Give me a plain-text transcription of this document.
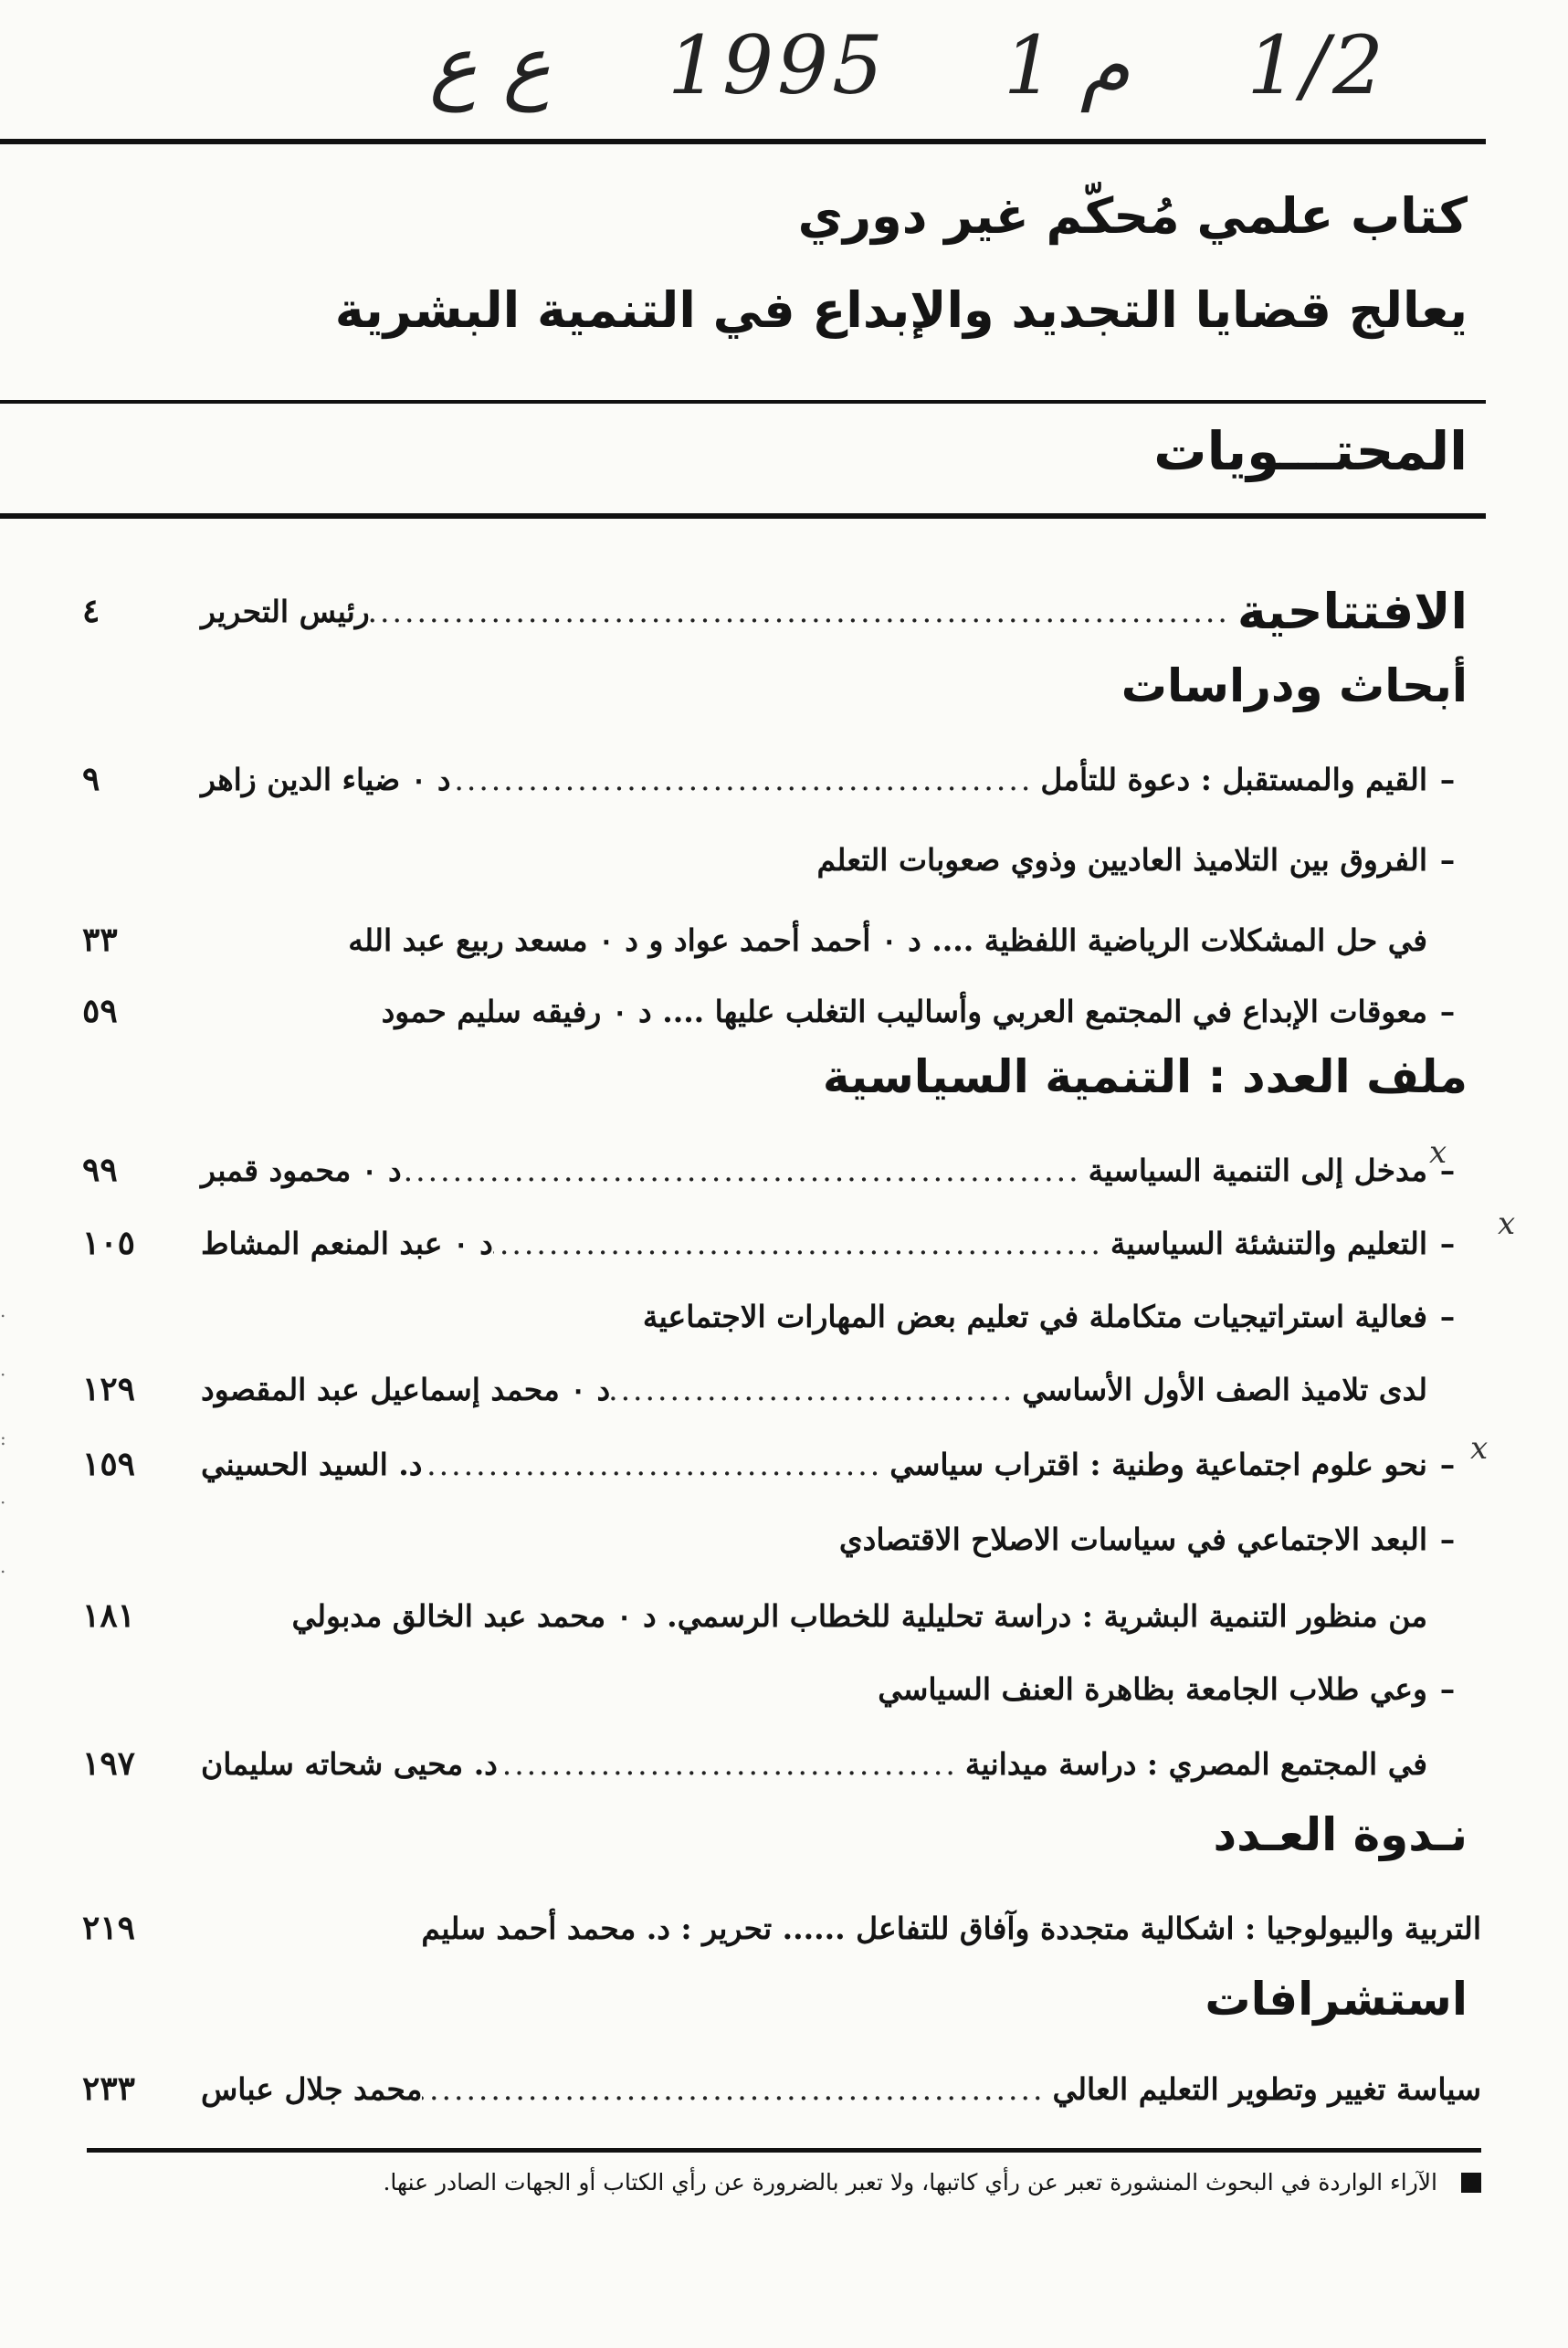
ع ع 1995 1 م 1/2
كتاب علمي مُحكّم غير دوري
يعالج قضايا التجديد والإبداع في التنمية البشرية
المحتـــويات
الافتتاحية
.....
رئيس التحرير
٤
أبحاث ودراسات
–
القيم والمستقبل : دعوة للتأمل
.....
د ٠ ضياء الدين زاهر
٩
–
الفروق بين التلاميذ العاديين وذوي صعوبات التعلم
في حل المشكلات الرياضية اللفظية .... د ٠ أحمد أحمد عواد و د ٠ مسعد ربيع عبد الله
٣٣
–
معوقات الإبداع في المجتمع العربي وأساليب التغلب عليها .... د ٠ رفيقه سليم حمود
٥٩
ملف العدد : التنمية السياسية
–
مدخل إلى التنمية السياسية
.....
د ٠ محمود قمبر
٩٩
–
التعليم والتنشئة السياسية
.....
د ٠ عبد المنعم المشاط
١٠٥
–
فعالية استراتيجيات متكاملة في تعليم بعض المهارات الاجتماعية
لدى تلاميذ الصف الأول الأساسي
.....
د ٠ محمد إسماعيل عبد المقصود
١٢٩
–
نحو علوم اجتماعية وطنية : اقتراب سياسي
.....
د. السيد الحسيني
١٥٩
–
البعد الاجتماعي في سياسات الاصلاح الاقتصادي
من منظور التنمية البشرية : دراسة تحليلية للخطاب الرسمي. د ٠ محمد عبد الخالق مدبولي
١٨١
–
وعي طلاب الجامعة بظاهرة العنف السياسي
في المجتمع المصري : دراسة ميدانية
.....
د. محيى شحاته سليمان
١٩٧
نـدوة العـدد
التربية والبيولوجيا : اشكالية متجددة وآفاق للتفاعل ...... تحرير : د. محمد أحمد سليم
٢١٩
استشرافات
سياسة تغيير وتطوير التعليم العالي
.....
محمد جلال عباس
٢٣٣
الآراء الواردة في البحوث المنشورة تعبر عن رأي كاتبها، ولا تعبر بالضرورة عن رأي الكتاب أو الجهات الصادر عنها.
x
x
x
.
·
:
·
.
